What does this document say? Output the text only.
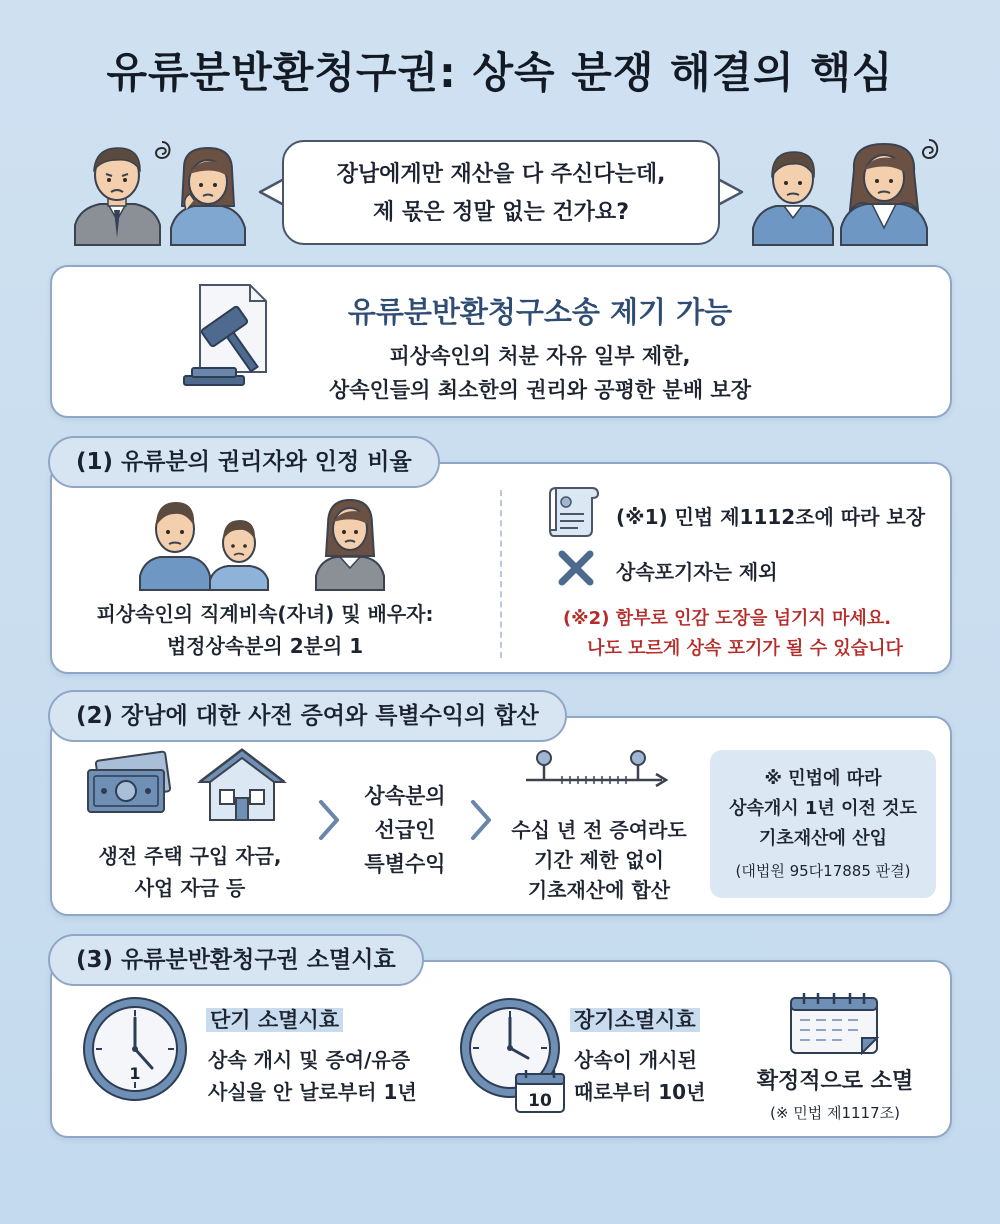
유류분반환청구권: 상속 분쟁 해결의 핵심
장남에게만 재산을 다 주신다는데,
제 몫은 정말 없는 건가요?
유류분반환청구소송 제기 가능
피상속인의 처분 자유 일부 제한,
상속인들의 최소한의 권리와 공평한 분배 보장
(1) 유류분의 권리자와 인정 비율
피상속인의 직계비속(자녀) 및 배우자:
법정상속분의 2분의 1
(※1) 민법 제1112조에 따라 보장
상속포기자는 제외
(※2) 함부로 인감 도장을 넘기지 마세요.
나도 모르게 상속 포기가 될 수 있습니다
(2) 장남에 대한 사전 증여와 특별수익의 합산
생전 주택 구입 자금,
사업 자금 등
상속분의
선급인
특별수익
수십 년 전 증여라도
기간 제한 없이
기초재산에 합산
※ 민법에 따라
상속개시 1년 이전 것도
기초재산에 산입
(대법원 95다17885 판결)
(3) 유류분반환청구권 소멸시효
1
단기 소멸시효
상속 개시 및 증여/유증
사실을 안 날로부터 1년	10
장기소멸시효
상속이 개시된
때로부터 10년	확정적으로 소멸
(※ 민법 제1117조)
